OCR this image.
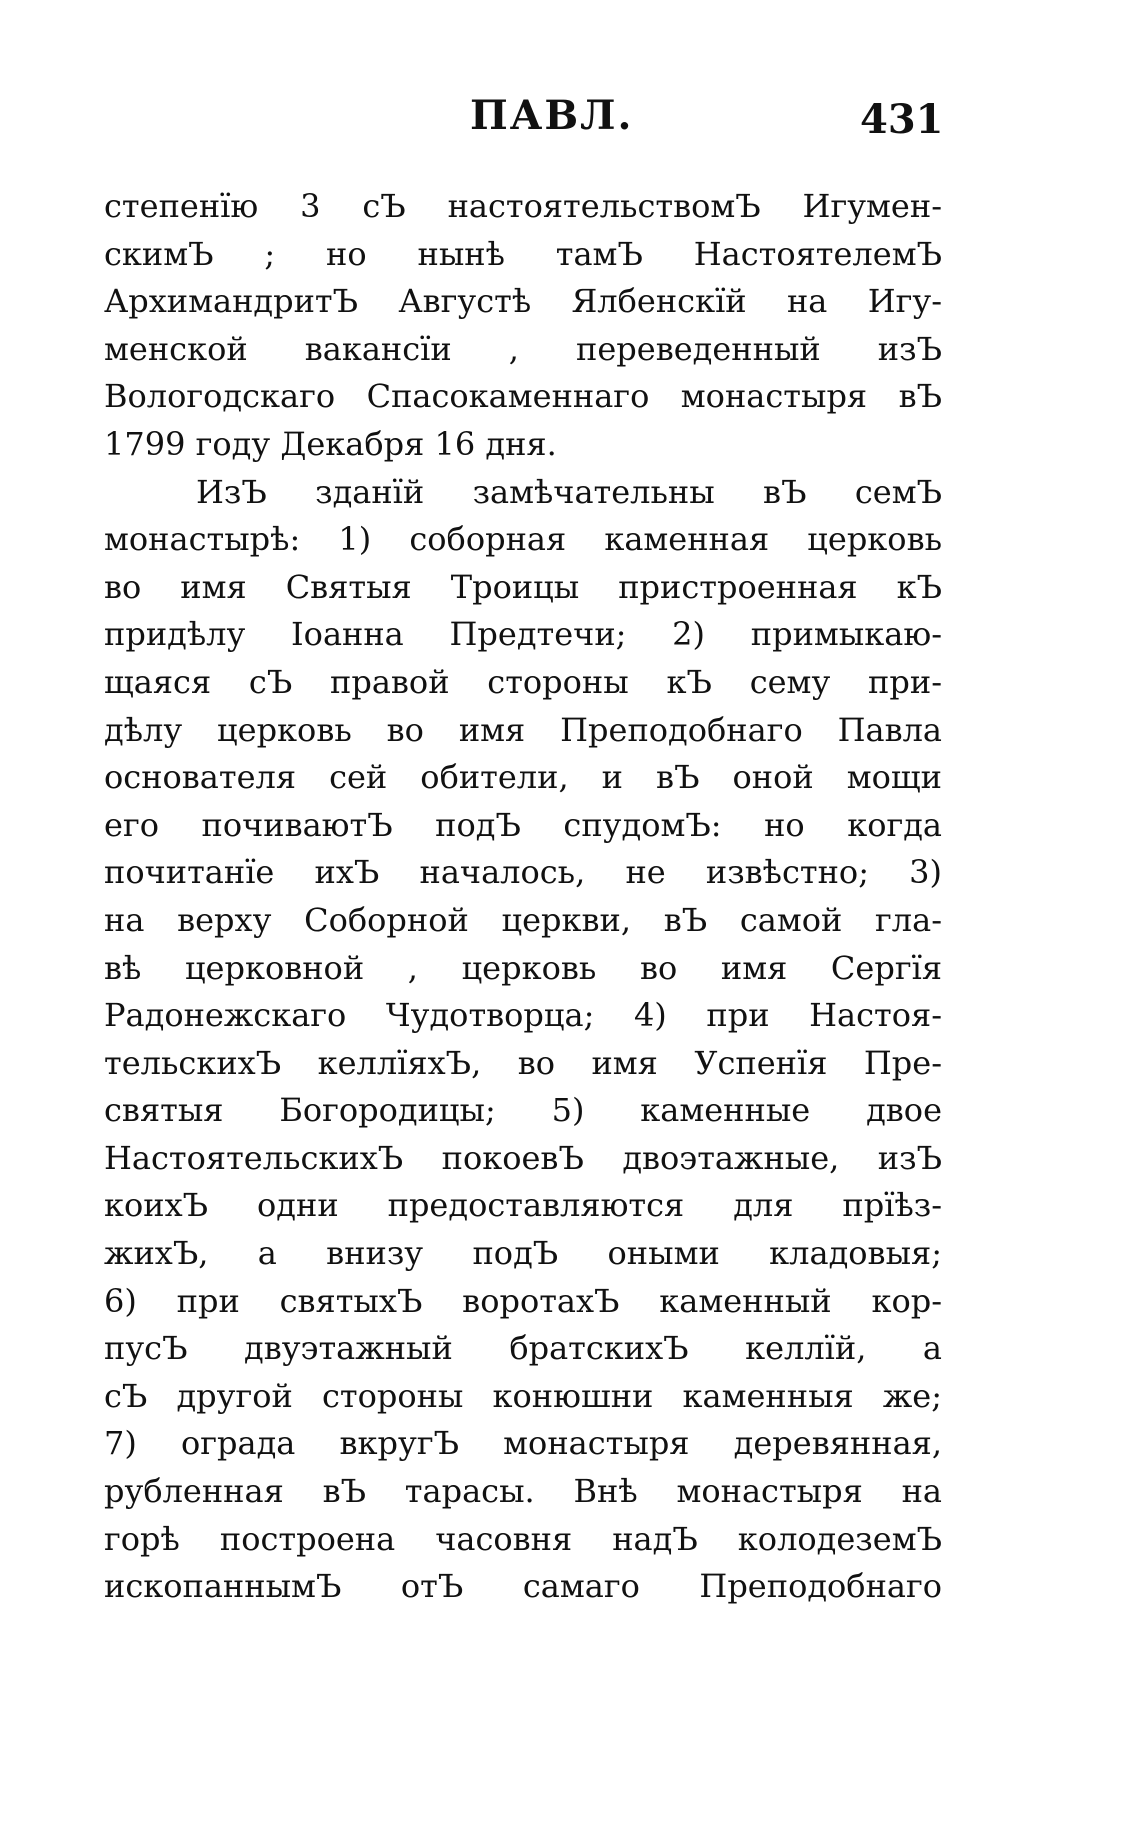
ПАВЛ.	431
степенїю 3 сЪ настоятельствомЪ Игумен-
скимЪ ; но нынѣ тамЪ НастоятелемЪ
АрхимандритЪ Августѣ Ялбенскїй на Игу-
менской вакансїи , переведенный изЪ
Вологодскаго Спасокаменнаго монастыря вЪ
1799 году Декабря 16 дня.
ИзЪ зданїй замѣчательны вЪ семЪ
монастырѣ: 1) соборная каменная церковь
во имя Святыя Троицы пристроенная кЪ
придѣлу Іоанна Предтечи; 2) примыкаю-
щаяся сЪ правой стороны кЪ сему при-
дѣлу церковь во имя Преподобнаго Павла
основателя сей обители, и вЪ оной мощи
его почиваютЪ подЪ спудомЪ: но когда
почитанїе ихЪ началось, не извѣстно; 3)
на верху Соборной церкви, вЪ самой гла-
вѣ церковной , церковь во имя Сергїя
Радонежскаго Чудотворца; 4) при Настоя-
тельскихЪ келлїяхЪ, во имя Успенїя Пре-
святыя Богородицы; 5) каменные двое
НастоятельскихЪ покоевЪ двоэтажные, изЪ
коихЪ одни предоставляются для прїѣз-
жихЪ, а внизу подЪ оными кладовыя;
6) при святыхЪ воротахЪ каменный кор-
пусЪ двуэтажный братскихЪ келлїй, а
сЪ другой стороны конюшни каменныя же;
7) ограда вкругЪ монастыря деревянная,
рубленная вЪ тарасы. Внѣ монастыря на
горѣ построена часовня надЪ колодеземЪ
ископаннымЪ отЪ самаго Преподобнаго
